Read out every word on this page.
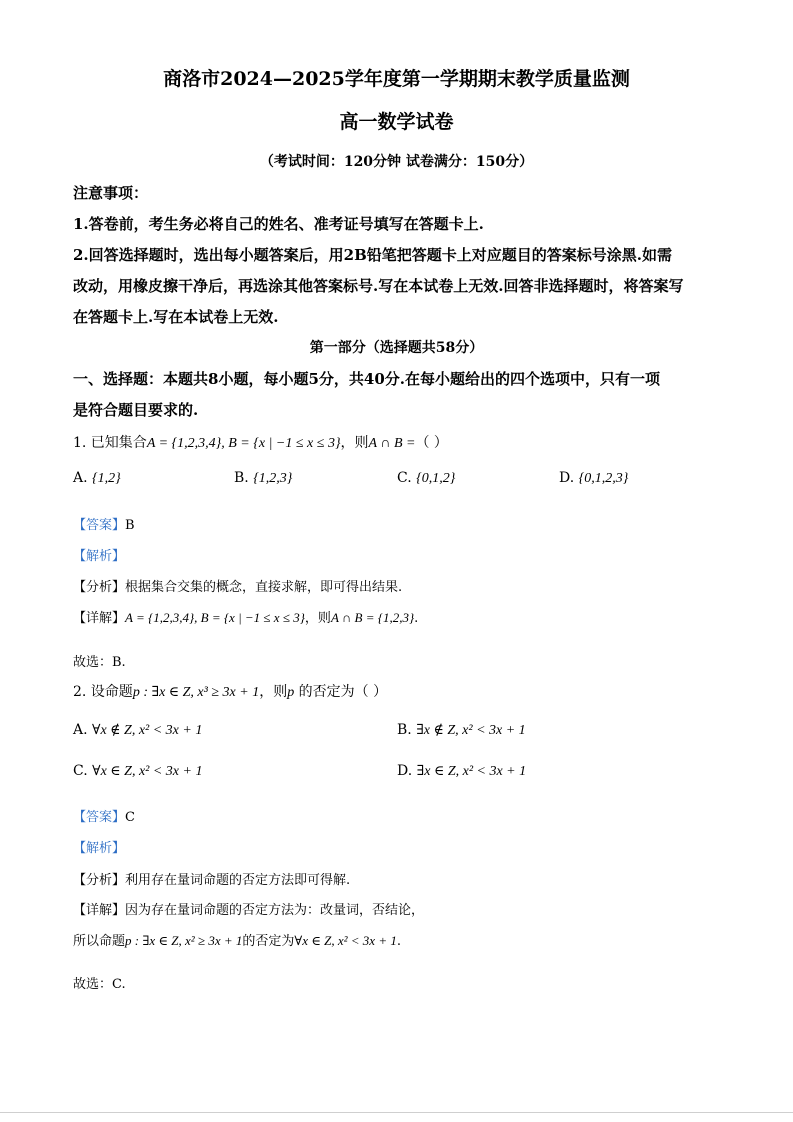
商洛市2024—2025学年度第一学期期末教学质量监测
高一数学试卷
（考试时间：120分钟 试卷满分：150分）
注意事项：
1.答卷前，考生务必将自己的姓名、准考证号填写在答题卡上.
2.回答选择题时，选出每小题答案后，用2B铅笔把答题卡上对应题目的答案标号涂黑.如需
改动，用橡皮擦干净后，再选涂其他答案标号.写在本试卷上无效.回答非选择题时，将答案写
在答题卡上.写在本试卷上无效.
第一部分（选择题共58分）
一、选择题：本题共8小题，每小题5分，共40分.在每小题给出的四个选项中，只有一项
是符合题目要求的.
1. 已知集合A = {1,2,3,4}, B = {x | −1 ≤ x ≤ 3}，则A ∩ B =（ ）
A. {1,2}	B. {1,2,3}	C. {0,1,2}	D. {0,1,2,3}
【答案】B
【解析】
【分析】根据集合交集的概念，直接求解，即可得出结果.
【详解】A = {1,2,3,4}, B = {x | −1 ≤ x ≤ 3}，则A ∩ B = {1,2,3}.
故选：B.
2. 设命题p : ∃x ∈ Z, x³ ≥ 3x + 1，则p 的否定为（ ）
A. ∀x ∉ Z, x² < 3x + 1	B. ∃x ∉ Z, x² < 3x + 1
C. ∀x ∈ Z, x² < 3x + 1	D. ∃x ∈ Z, x² < 3x + 1
【答案】C
【解析】
【分析】利用存在量词命题的否定方法即可得解.
【详解】因为存在量词命题的否定方法为：改量词，否结论，
所以命题p : ∃x ∈ Z, x² ≥ 3x + 1的否定为∀x ∈ Z, x² < 3x + 1.
故选：C.
